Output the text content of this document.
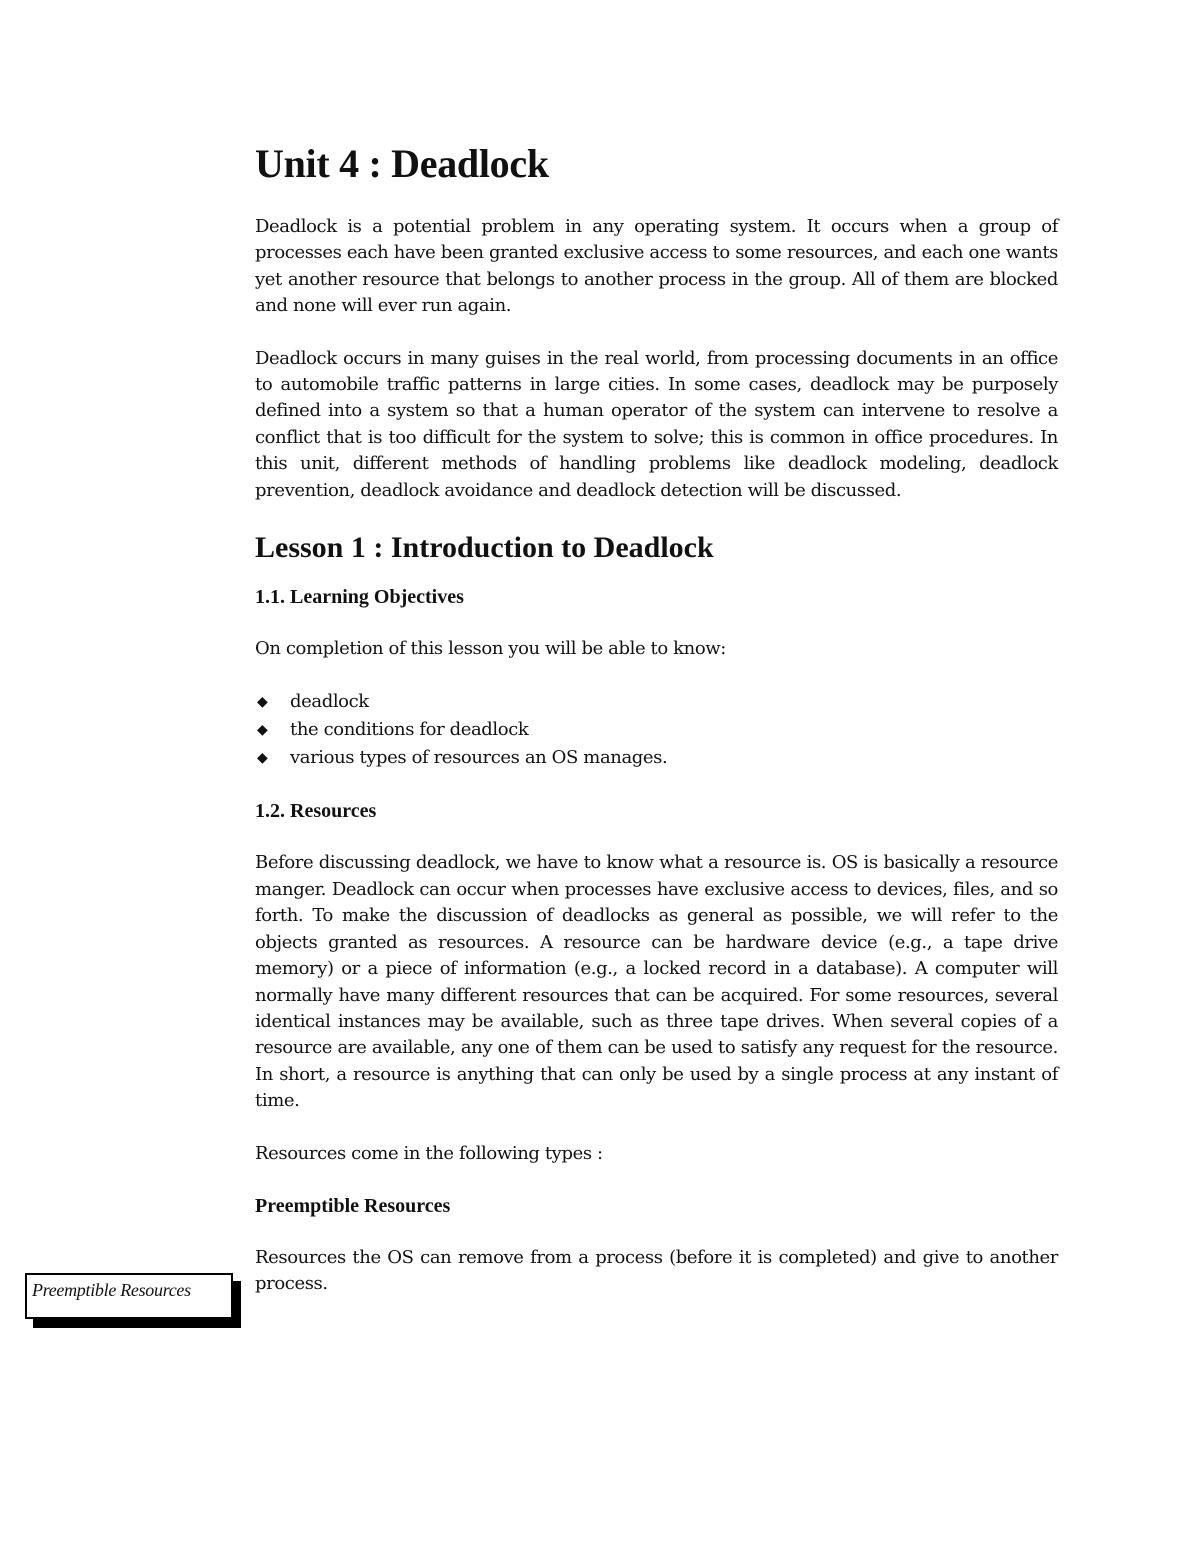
Preemptible Resources
Unit 4 : Deadlock

Deadlock is a potential problem in any operating system. It occurs when a group of processes each have been granted exclusive access to some resources, and each one wants yet another resource that belongs to another process in the group. All of them are blocked and none will ever run again.

Deadlock occurs in many guises in the real world, from processing documents in an office to automobile traffic patterns in large cities. In some cases, deadlock may be purposely defined into a system so that a human operator of the system can intervene to resolve a conflict that is too difficult for the system to solve; this is common in office procedures. In this unit, different methods of handling problems like deadlock modeling, deadlock prevention, deadlock avoidance and deadlock detection will be discussed.

Lesson 1 : Introduction to Deadlock
1.1. Learning Objectives

On completion of this lesson you will be able to know:

◆ deadlock
◆ the conditions for deadlock
◆ various types of resources an OS manages.
1.2. Resources

Before discussing deadlock, we have to know what a resource is. OS is basically a resource manger. Deadlock can occur when processes have exclusive access to devices, files, and so forth. To make the discussion of deadlocks as general as possible, we will refer to the objects granted as resources. A resource can be hardware device (e.g., a tape drive memory) or a piece of information (e.g., a locked record in a database). A computer will normally have many different resources that can be acquired. For some resources, several identical instances may be available, such as three tape drives. When several copies of a resource are available, any one of them can be used to satisfy any request for the resource. In short, a resource is anything that can only be used by a single process at any instant of time.

Resources come in the following types :

Preemptible Resources

Resources the OS can remove from a process (before it is completed) and give to another process.
